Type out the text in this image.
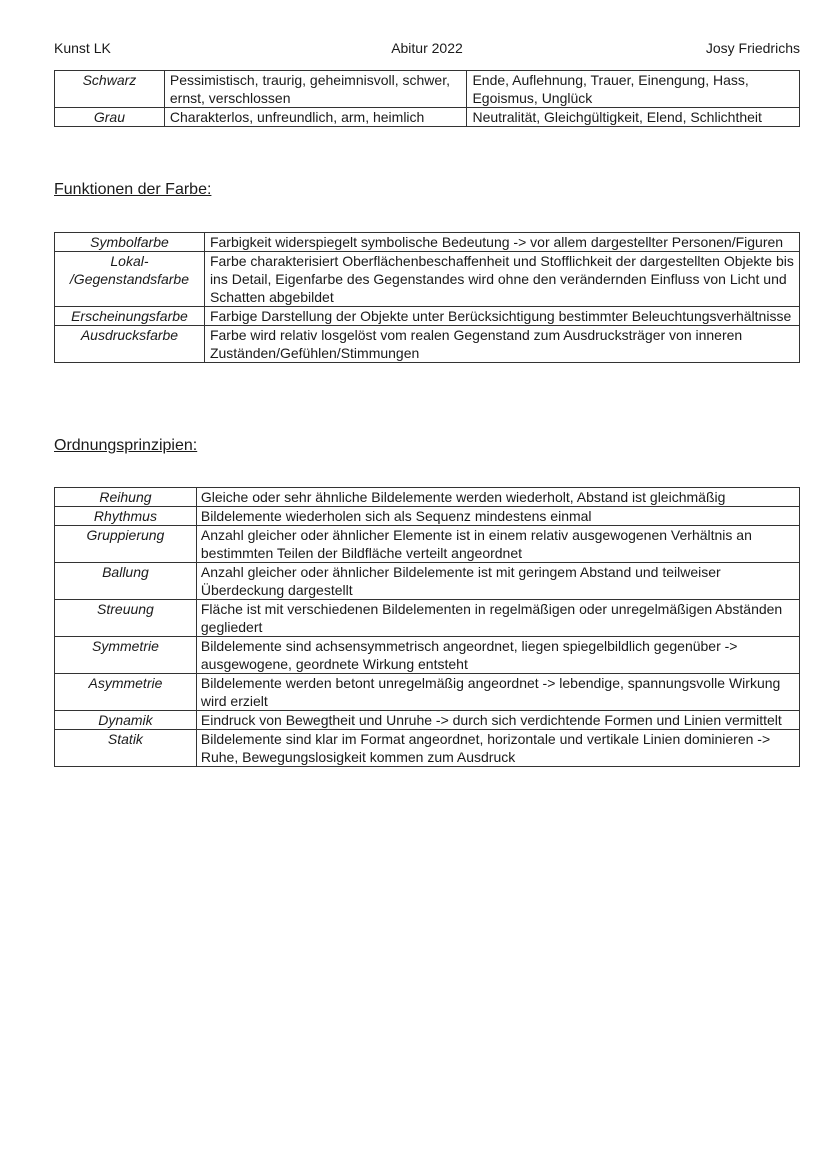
Kunst LK	Abitur 2022	Josy Friedrichs
Schwarz	Pessimistisch, traurig, geheimnisvoll, schwer, ernst, verschlossen	Ende, Auflehnung, Trauer, Einengung, Hass, Egoismus, Unglück
Grau	Charakterlos, unfreundlich, arm, heimlich	Neutralität, Gleichgültigkeit, Elend, Schlichtheit
Funktionen der Farbe:
Symbolfarbe	Farbigkeit widerspiegelt symbolische Bedeutung -> vor allem dargestellter Personen/Figuren
Lokal- /Gegenstandsfarbe	Farbe charakterisiert Oberflächenbeschaffenheit und Stofflichkeit der dargestellten Objekte bis ins Detail, Eigenfarbe des Gegenstandes wird ohne den verändernden Einfluss von Licht und Schatten abgebildet
Erscheinungsfarbe	Farbige Darstellung der Objekte unter Berücksichtigung bestimmter Beleuchtungsverhältnisse
Ausdrucksfarbe	Farbe wird relativ losgelöst vom realen Gegenstand zum Ausdrucksträger von inneren Zuständen/Gefühlen/Stimmungen
Ordnungsprinzipien:
Reihung	Gleiche oder sehr ähnliche Bildelemente werden wiederholt, Abstand ist gleichmäßig
Rhythmus	Bildelemente wiederholen sich als Sequenz mindestens einmal
Gruppierung	Anzahl gleicher oder ähnlicher Elemente ist in einem relativ ausgewogenen Verhältnis an bestimmten Teilen der Bildfläche verteilt angeordnet
Ballung	Anzahl gleicher oder ähnlicher Bildelemente ist mit geringem Abstand und teilweiser Überdeckung dargestellt
Streuung	Fläche ist mit verschiedenen Bildelementen in regelmäßigen oder unregelmäßigen Abständen gegliedert
Symmetrie	Bildelemente sind achsensymmetrisch angeordnet, liegen spiegelbildlich gegenüber -> ausgewogene, geordnete Wirkung entsteht
Asymmetrie	Bildelemente werden betont unregelmäßig angeordnet -> lebendige, spannungsvolle Wirkung wird erzielt
Dynamik	Eindruck von Bewegtheit und Unruhe -> durch sich verdichtende Formen und Linien vermittelt
Statik	Bildelemente sind klar im Format angeordnet, horizontale und vertikale Linien dominieren -> Ruhe, Bewegungslosigkeit kommen zum Ausdruck
